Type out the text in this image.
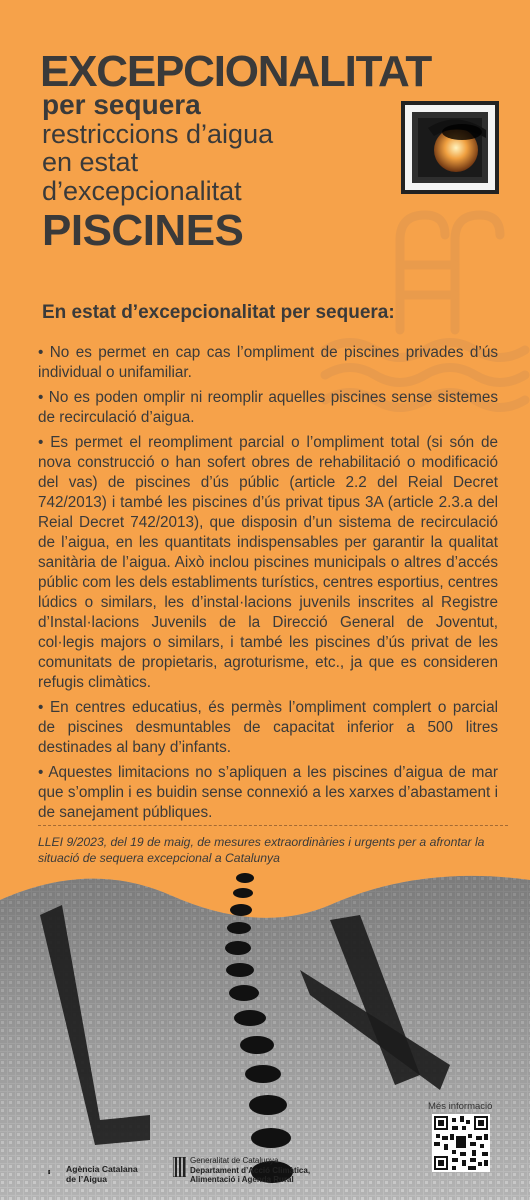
EXCEPCIONALITAT
per sequera
restriccions d’aigua
en estat
d’excepcionalitat
PISCINES
En estat d’excepcionalitat per sequera:

• No es permet en cap cas l’ompliment de piscines privades d’ús individual o unifamiliar.

• No es poden omplir ni reomplir aquelles piscines sense sistemes de recirculació d’aigua.

• Es permet el reompliment parcial o l’ompliment total (si són de nova construcció o han sofert obres de rehabilitació o modificació del vas) de piscines d’ús públic (article 2.2 del Reial Decret 742/2013) i també les piscines d’ús privat tipus 3A (article 2.3.a del Reial Decret 742/2013), que disposin d’un sistema de recirculació de l’aigua, en les quantitats indispensables per garantir la qualitat sanitària de l’aigua. Això inclou piscines municipals o altres d’accés públic com les dels establiments turístics, centres esportius, centres lúdics o similars, les d’instal·lacions juvenils inscrites al Registre d’Instal·lacions Juvenils de la Direcció General de Joventut, col·legis majors o similars, i també les piscines d’ús privat de les comunitats de propietaris, agroturisme, etc., ja que es consideren refugis climàtics.

• En centres educatius, és permès l’ompliment complert o parcial de piscines desmuntables de capacitat inferior a 500 litres destinades al bany d’infants.

• Aquestes limitacions no s’apliquen a les piscines d’aigua de mar que s’omplin i es buidin sense connexió a les xarxes d’abastament i de sanejament públiques.

LLEI 9/2023, del 19 de maig, de mesures extraordinàries i urgents per a afrontar la situació de sequera excepcional a Catalunya
Més informació
Agència Catalana
de l’Aigua
Generalitat de Catalunya
Departament d’Acció Climàtica,
Alimentació i Agenda Rural
